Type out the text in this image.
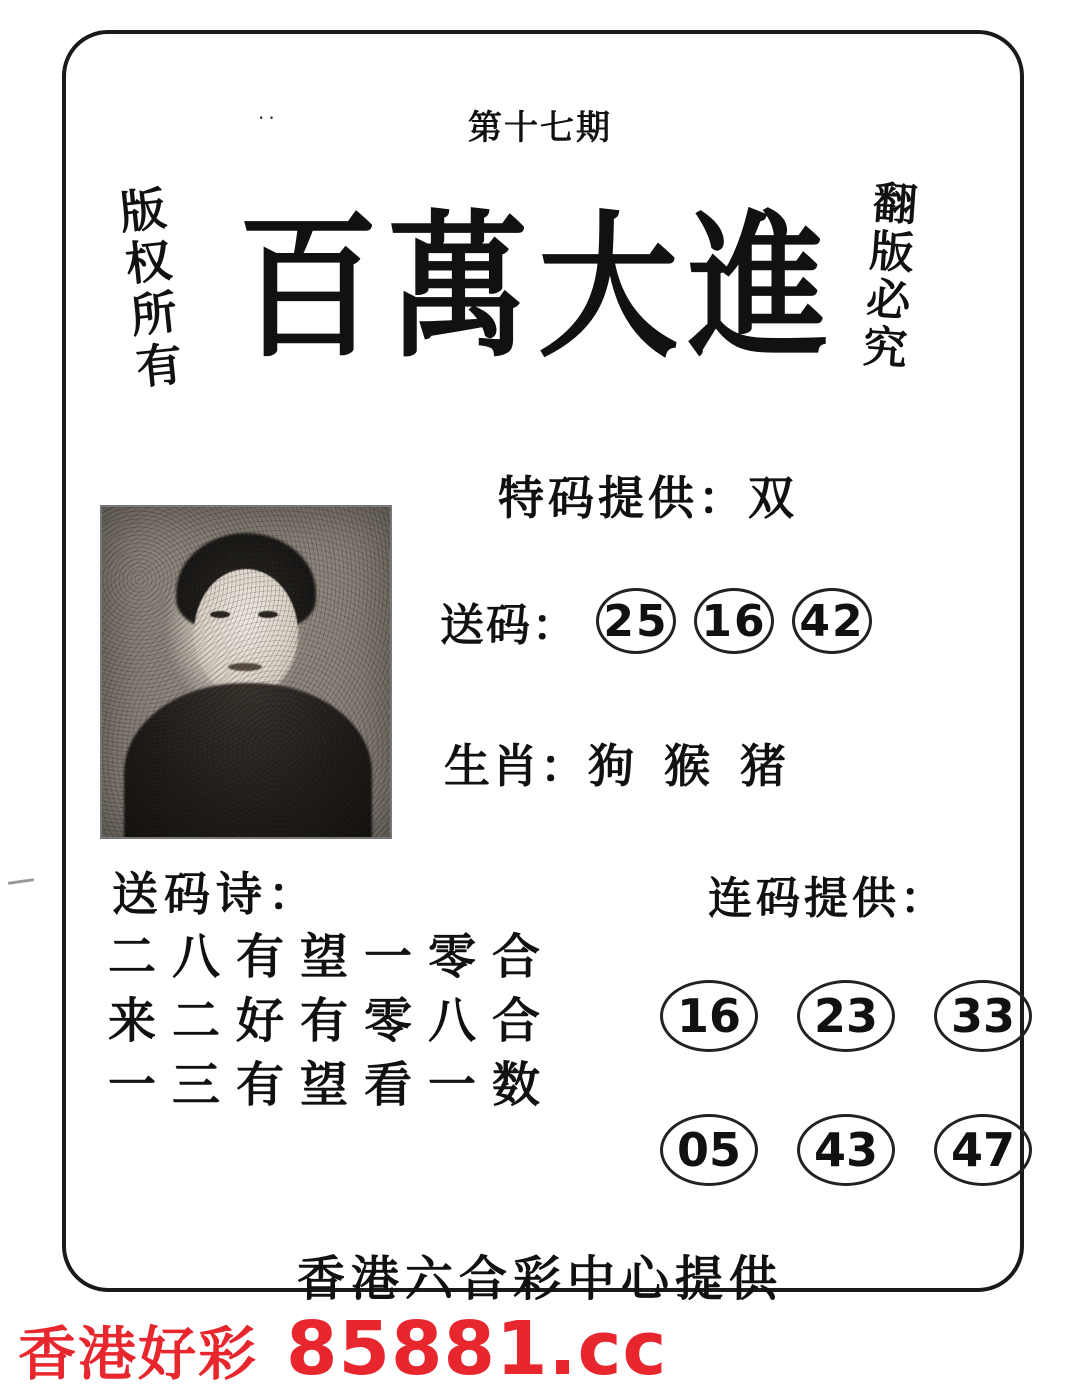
··	第十七期
版权所有	翻版必究
百萬大進
特码提供：双
送码： 25 16 42
生肖： 狗 猴 猪
送码诗：
二八有望一零合
来二好有零八合
一三有望看一数
连码提供：
16	23	33
05	43	47
香港六合彩中心提供
香港好彩 85881.cc
